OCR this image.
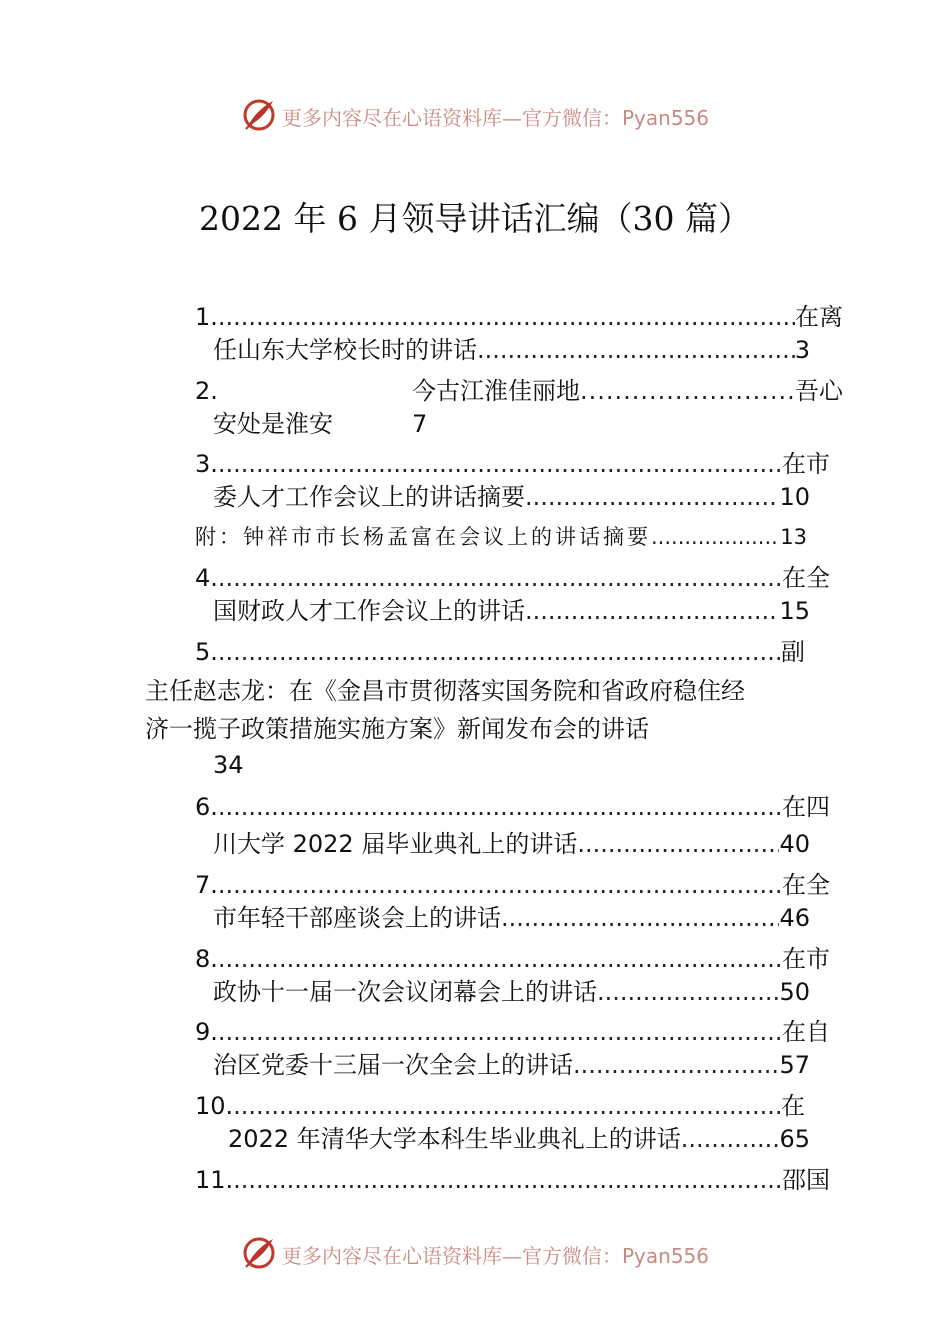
更多内容尽在心语资料库—官方微信：Pyan556
2022 年 6 月领导讲话汇编（30 篇）
1. .....	在离
任山东大学校长时的讲话 .....	3
2.	今古江淮佳丽地 .....	吾心
安处是淮安	7
3. .....	在市
委人才工作会议上的讲话摘要 .....	10
附：钟祥市市长杨孟富在会议上的讲话摘要 .....	13
4. .....	在全
国财政人才工作会议上的讲话 .....	15
5. .....	副
主任赵志龙：在《金昌市贯彻落实国务院和省政府稳住经
济一揽子政策措施实施方案》新闻发布会的讲话
34
6. .....	在四
川大学 2022 届毕业典礼上的讲话 .....	40
7. .....	在全
市年轻干部座谈会上的讲话 .....	46
8. .....	在市
政协十一届一次会议闭幕会上的讲话 .....	50
9. .....	在自
治区党委十三届一次全会上的讲话 .....	57
10. .....	在
2022 年清华大学本科生毕业典礼上的讲话 .....	65
11. .....	邵国
更多内容尽在心语资料库—官方微信：Pyan556
